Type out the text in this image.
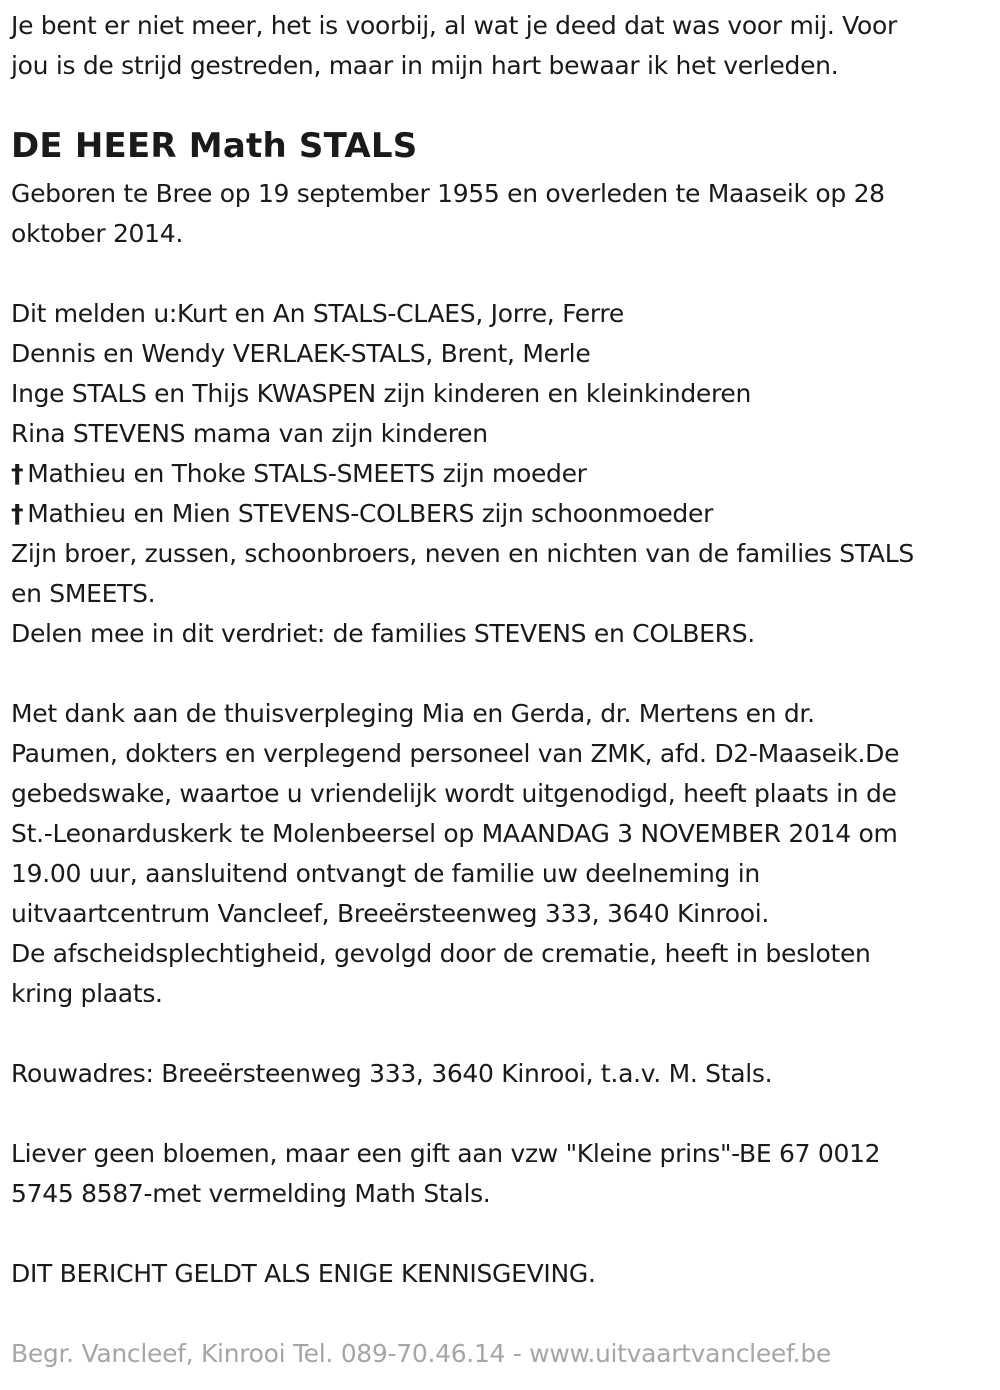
Je bent er niet meer, het is voorbij, al wat je deed dat was voor mij. Voor
jou is de strijd gestreden, maar in mijn hart bewaar ik het verleden.
DE HEER Math STALS
Geboren te Bree op 19 september 1955 en overleden te Maaseik op 28
oktober 2014.
Dit melden u:Kurt en An STALS-CLAES, Jorre, Ferre
Dennis en Wendy VERLAEK-STALS, Brent, Merle
Inge STALS en Thijs KWASPEN zijn kinderen en kleinkinderen
Rina STEVENS mama van zijn kinderen
† Mathieu en Thoke STALS-SMEETS zijn moeder
† Mathieu en Mien STEVENS-COLBERS zijn schoonmoeder
Zijn broer, zussen, schoonbroers, neven en nichten van de families STALS
en SMEETS.
Delen mee in dit verdriet: de families STEVENS en COLBERS.
Met dank aan de thuisverpleging Mia en Gerda, dr. Mertens en dr.
Paumen, dokters en verplegend personeel van ZMK, afd. D2-Maaseik.De
gebedswake, waartoe u vriendelijk wordt uitgenodigd, heeft plaats in de
St.-Leonarduskerk te Molenbeersel op MAANDAG 3 NOVEMBER 2014 om
19.00 uur, aansluitend ontvangt de familie uw deelneming in
uitvaartcentrum Vancleef, Breeërsteenweg 333, 3640 Kinrooi.
De afscheidsplechtigheid, gevolgd door de crematie, heeft in besloten
kring plaats.
Rouwadres: Breeërsteenweg 333, 3640 Kinrooi, t.a.v. M. Stals.
Liever geen bloemen, maar een gift aan vzw "Kleine prins"-BE 67 0012
5745 8587-met vermelding Math Stals.
DIT BERICHT GELDT ALS ENIGE KENNISGEVING.
Begr. Vancleef, Kinrooi Tel. 089-70.46.14 - www.uitvaartvancleef.be
